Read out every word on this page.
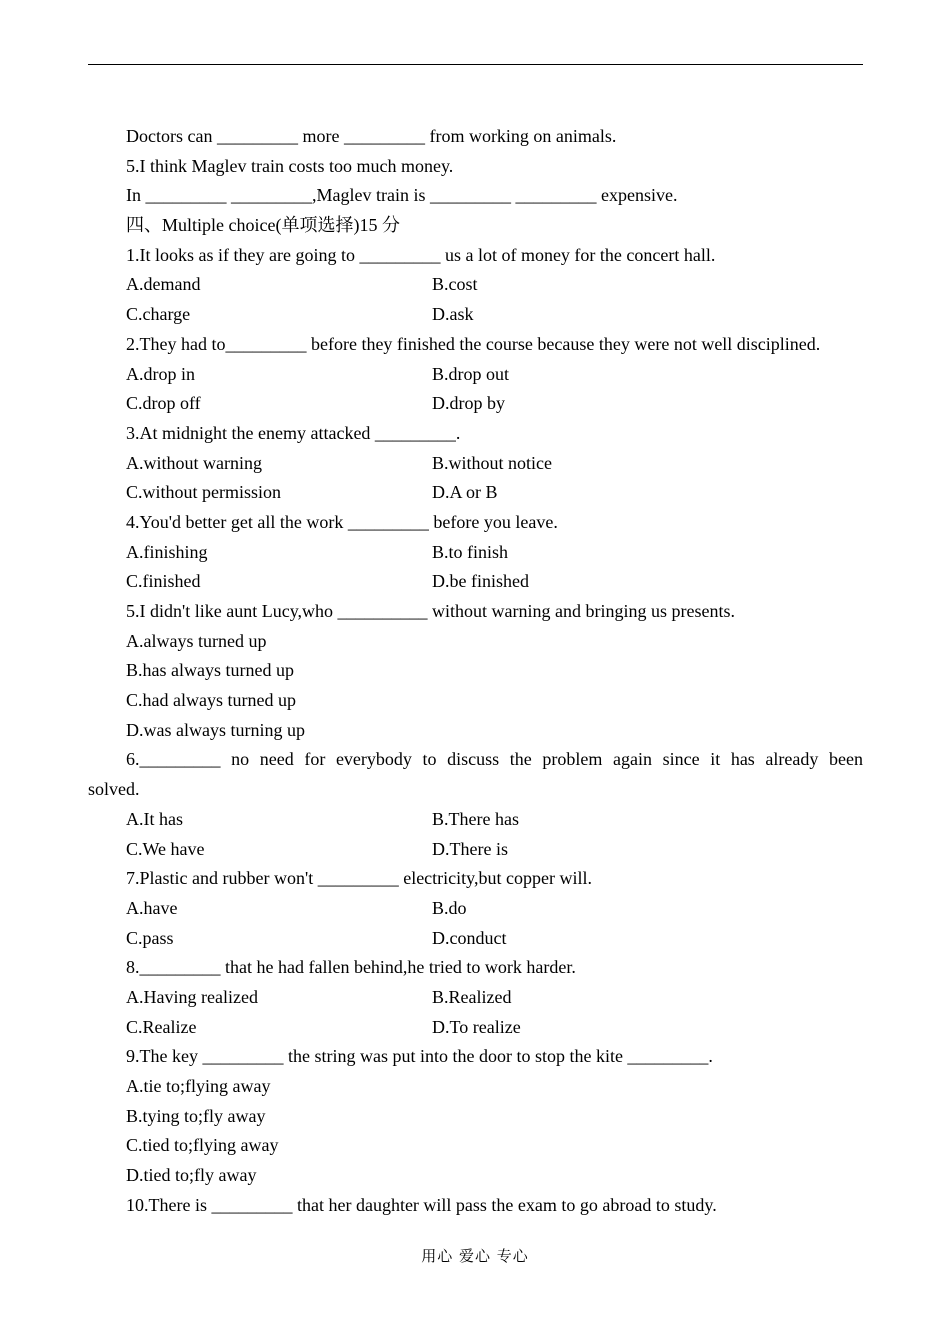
Doctors can _________ more _________ from working on animals.
5.I think Maglev train costs too much money.
In _________ _________,Maglev train is _________ _________ expensive.
四、Multiple choice(单项选择)15 分
1.It looks as if they are going to _________ us a lot of money for the concert hall.
A.demand	B.cost
C.charge	D.ask
2.They had to_________ before they finished the course because they were not well disciplined.
A.drop in	B.drop out
C.drop off	D.drop by
3.At midnight the enemy attacked _________.
A.without warning	B.without notice
C.without permission	D.A or B
4.You'd better get all the work _________ before you leave.
A.finishing	B.to finish
C.finished	D.be finished
5.I didn't like aunt Lucy,who __________ without warning and bringing us presents.
A.always turned up
B.has always turned up
C.had always turned up
D.was always turning up
6._________ no need for everybody to discuss the problem again since it has already been
solved.
A.It has	B.There has
C.We have	D.There is
7.Plastic and rubber won't _________ electricity,but copper will.
A.have	B.do
C.pass	D.conduct
8._________ that he had fallen behind,he tried to work harder.
A.Having realized	B.Realized
C.Realize	D.To realize
9.The key _________ the string was put into the door to stop the kite _________.
A.tie to;flying away
B.tying to;fly away
C.tied to;flying away
D.tied to;fly away
10.There is _________ that her daughter will pass the exam to go abroad to study.
用心 爱心 专心
